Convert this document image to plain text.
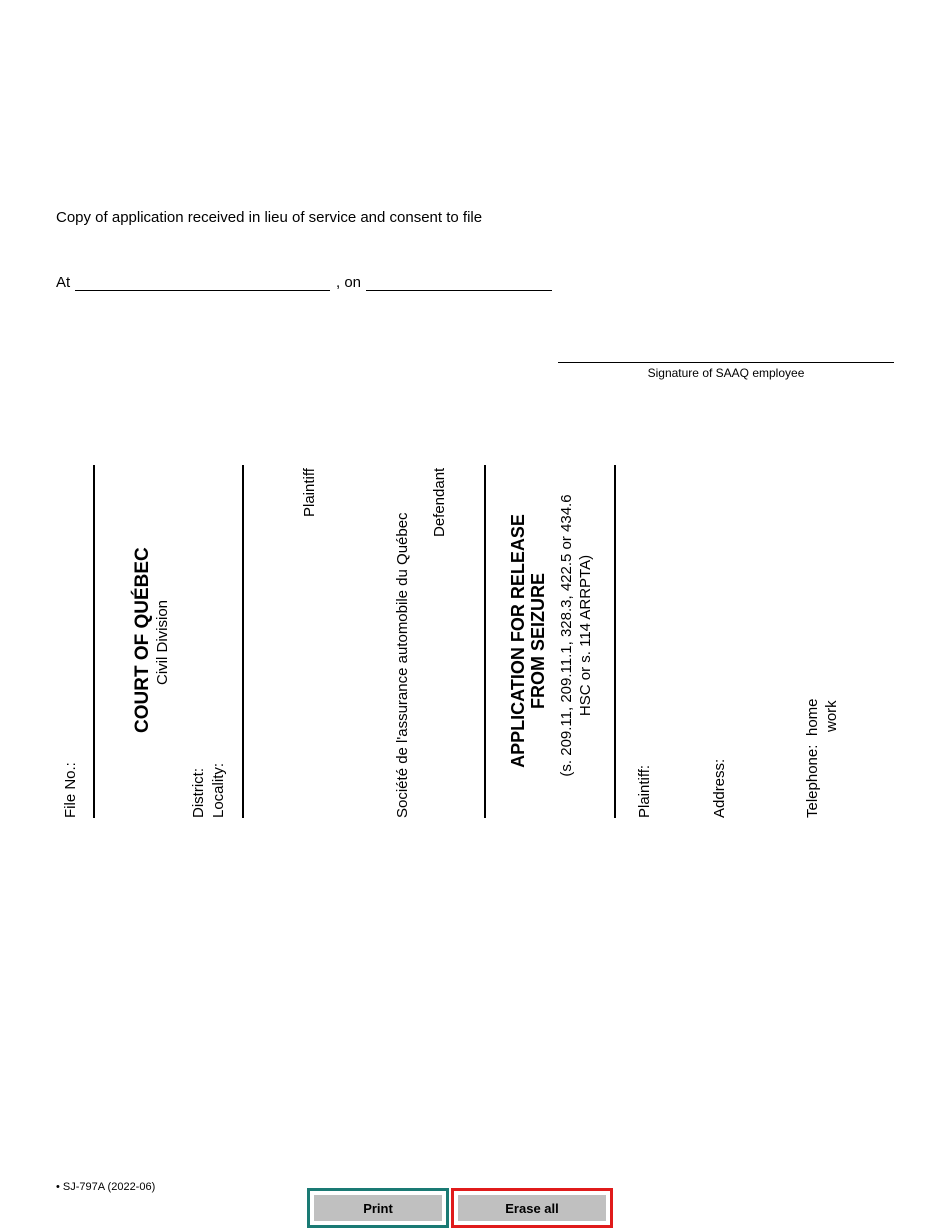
Copy of application received in lieu of service and consent to file
At	, on
Signature of SAAQ employee
File No.:
COURT OF QUÉBEC Civil Division
District: Locality:
Plaintiff
Société de l'assurance automobile du Québec
Defendant
APPLICATION FOR RELEASE FROM SEIZURE (s. 209.11, 209.11.1, 328.3, 422.5 or 434.6 HSC or s. 114 ARRPTA)
Plaintiff:	Address:	Telephone:
home work
• SJ-797A (2022-06)
Print	Erase all
